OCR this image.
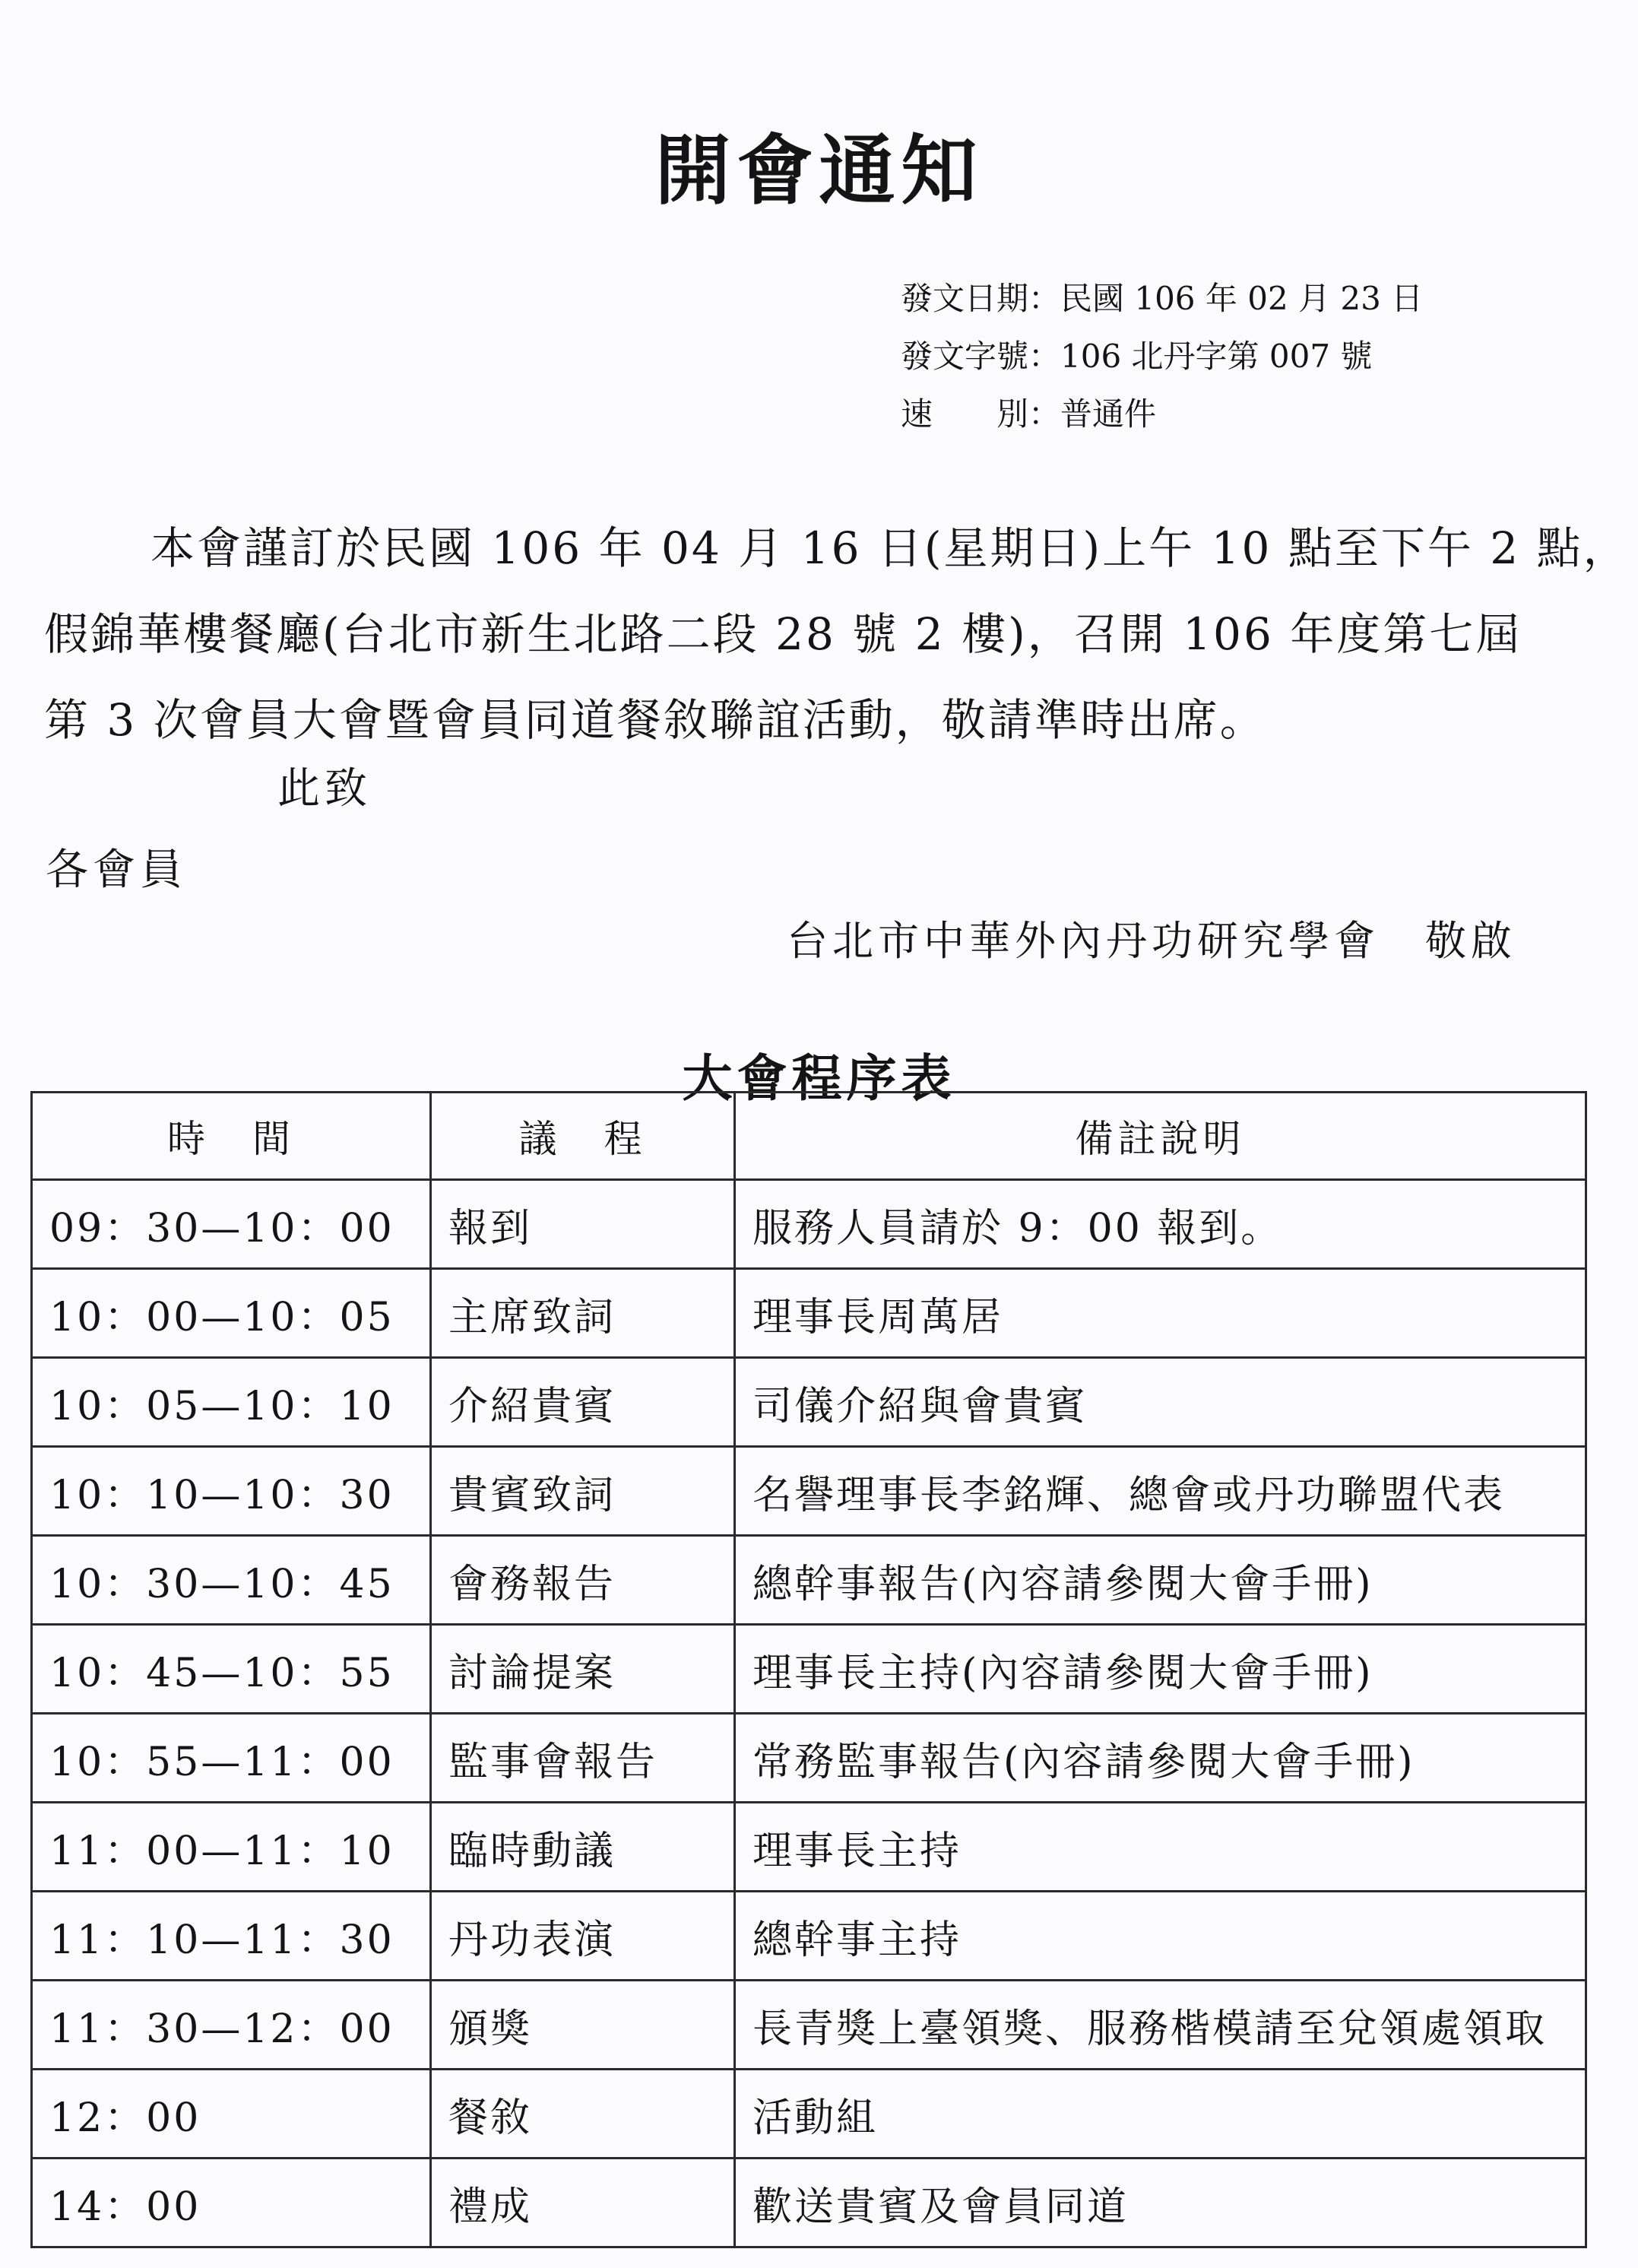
開會通知
發文日期：民國 106 年 02 月 23 日
發文字號：106 北丹字第 007 號
速　　別：普通件
本會謹訂於民國 106 年 04 月 16 日(星期日)上午 10 點至下午 2 點，
假錦華樓餐廳(台北市新生北路二段 28 號 2 樓)，召開 106 年度第七屆
第 3 次會員大會暨會員同道餐敘聯誼活動，敬請準時出席。
此致
各會員
台北市中華外內丹功研究學會　敬啟
大會程序表
時　間	議　程	備註說明
09：30—10：00	報到	服務人員請於 9：00 報到。
10：00—10：05	主席致詞	理事長周萬居
10：05—10：10	介紹貴賓	司儀介紹與會貴賓
10：10—10：30	貴賓致詞	名譽理事長李銘輝、總會或丹功聯盟代表
10：30—10：45	會務報告	總幹事報告(內容請參閱大會手冊)
10：45—10：55	討論提案	理事長主持(內容請參閱大會手冊)
10：55—11：00	監事會報告	常務監事報告(內容請參閱大會手冊)
11：00—11：10	臨時動議	理事長主持
11：10—11：30	丹功表演	總幹事主持
11：30—12：00	頒獎	長青獎上臺領獎、服務楷模請至兌領處領取
12：00	餐敘	活動組
14：00	禮成	歡送貴賓及會員同道
